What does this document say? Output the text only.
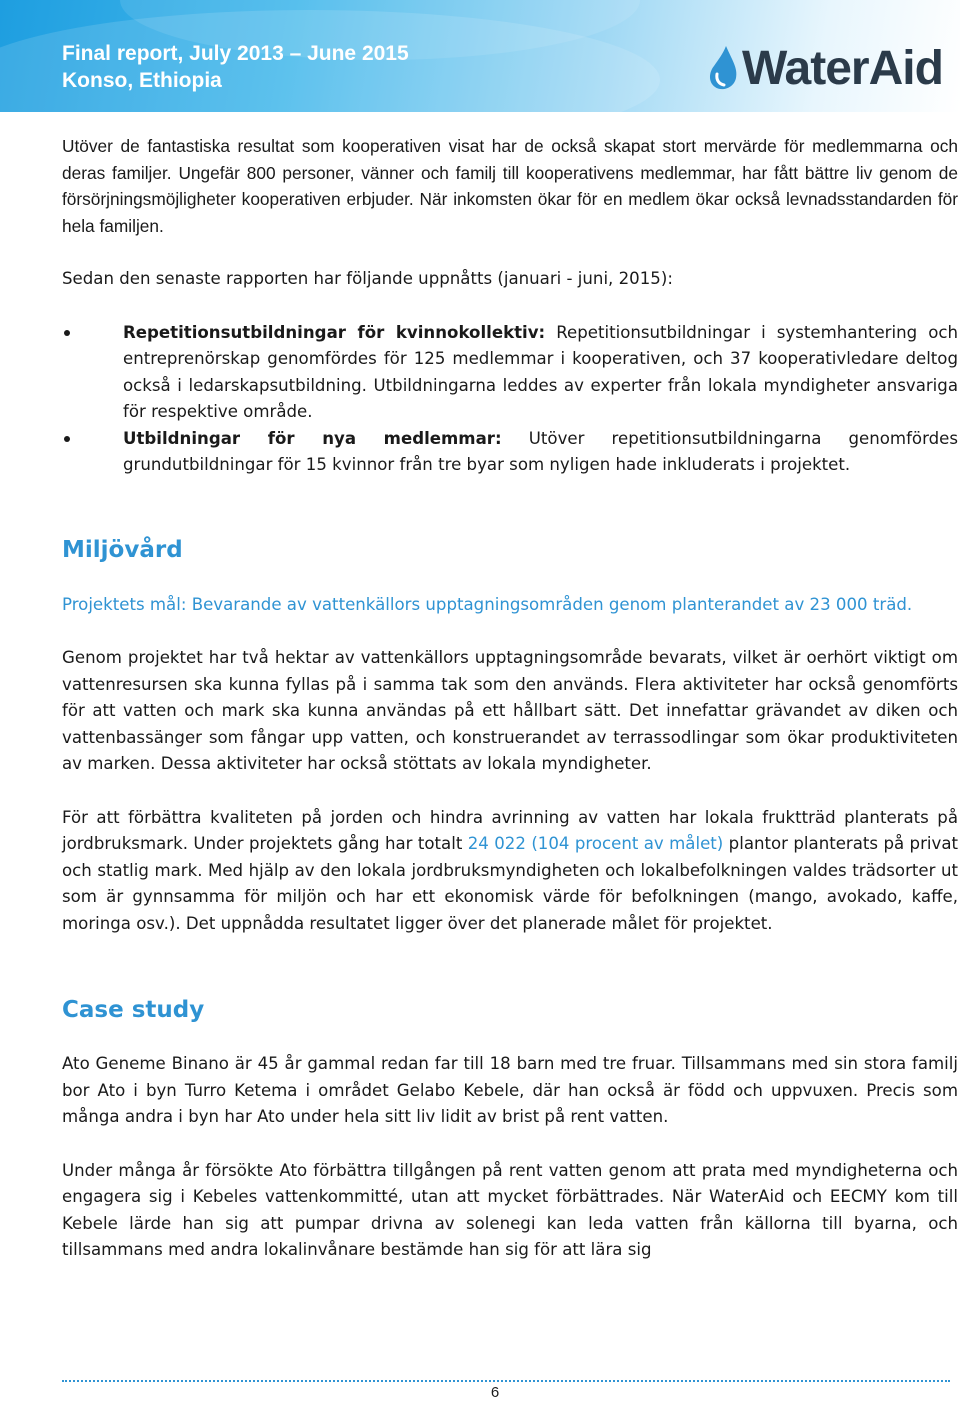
Final report, July 2013 – June 2015
Konso, Ethiopia	WaterAid

Utöver de fantastiska resultat som kooperativen visat har de också skapat stort mervärde för medlemmarna och deras familjer. Ungefär 800 personer, vänner och familj till kooperativens medlemmar, har fått bättre liv genom de försörjningsmöjligheter kooperativen erbjuder. När inkomsten ökar för en medlem ökar också levnadsstandarden för hela familjen.

Sedan den senaste rapporten har följande uppnåtts (januari - juni, 2015):

Repetitionsutbildningar för kvinnokollektiv: Repetitionsutbildningar i systemhantering och entreprenörskap genomfördes för 125 medlemmar i kooperativen, och 37 kooperativledare deltog också i ledarskapsutbildning. Utbildningarna leddes av experter från lokala myndigheter ansvariga för respektive område.
Utbildningar för nya medlemmar: Utöver repetitionsutbildningarna genomfördes grundutbildningar för 15 kvinnor från tre byar som nyligen hade inkluderats i projektet.
Miljövård

Projektets mål: Bevarande av vattenkällors upptagningsområden genom planterandet av 23 000 träd.

Genom projektet har två hektar av vattenkällors upptagningsområde bevarats, vilket är oerhört viktigt om vattenresursen ska kunna fyllas på i samma tak som den används. Flera aktiviteter har också genomförts för att vatten och mark ska kunna användas på ett hållbart sätt. Det innefattar grävandet av diken och vattenbassänger som fångar upp vatten, och konstruerandet av terrassodlingar som ökar produktiviteten av marken. Dessa aktiviteter har också stöttats av lokala myndigheter.

För att förbättra kvaliteten på jorden och hindra avrinning av vatten har lokala fruktträd planterats på jordbruksmark. Under projektets gång har totalt 24 022 (104 procent av målet) plantor planterats på privat och statlig mark. Med hjälp av den lokala jordbruksmyndigheten och lokalbefolkningen valdes trädsorter ut som är gynnsamma för miljön och har ett ekonomisk värde för befolkningen (mango, avokado, kaffe, moringa osv.). Det uppnådda resultatet ligger över det planerade målet för projektet.

Case study

Ato Geneme Binano är 45 år gammal redan far till 18 barn med tre fruar. Tillsammans med sin stora familj bor Ato i byn Turro Ketema i området Gelabo Kebele, där han också är född och uppvuxen. Precis som många andra i byn har Ato under hela sitt liv lidit av brist på rent vatten.

Under många år försökte Ato förbättra tillgången på rent vatten genom att prata med myndigheterna och engagera sig i Kebeles vattenkommitté, utan att mycket förbättrades. När WaterAid och EECMY kom till Kebele lärde han sig att pumpar drivna av solenegi kan leda vatten från källorna till byarna, och tillsammans med andra lokalinvånare bestämde han sig för att lära sig

6
